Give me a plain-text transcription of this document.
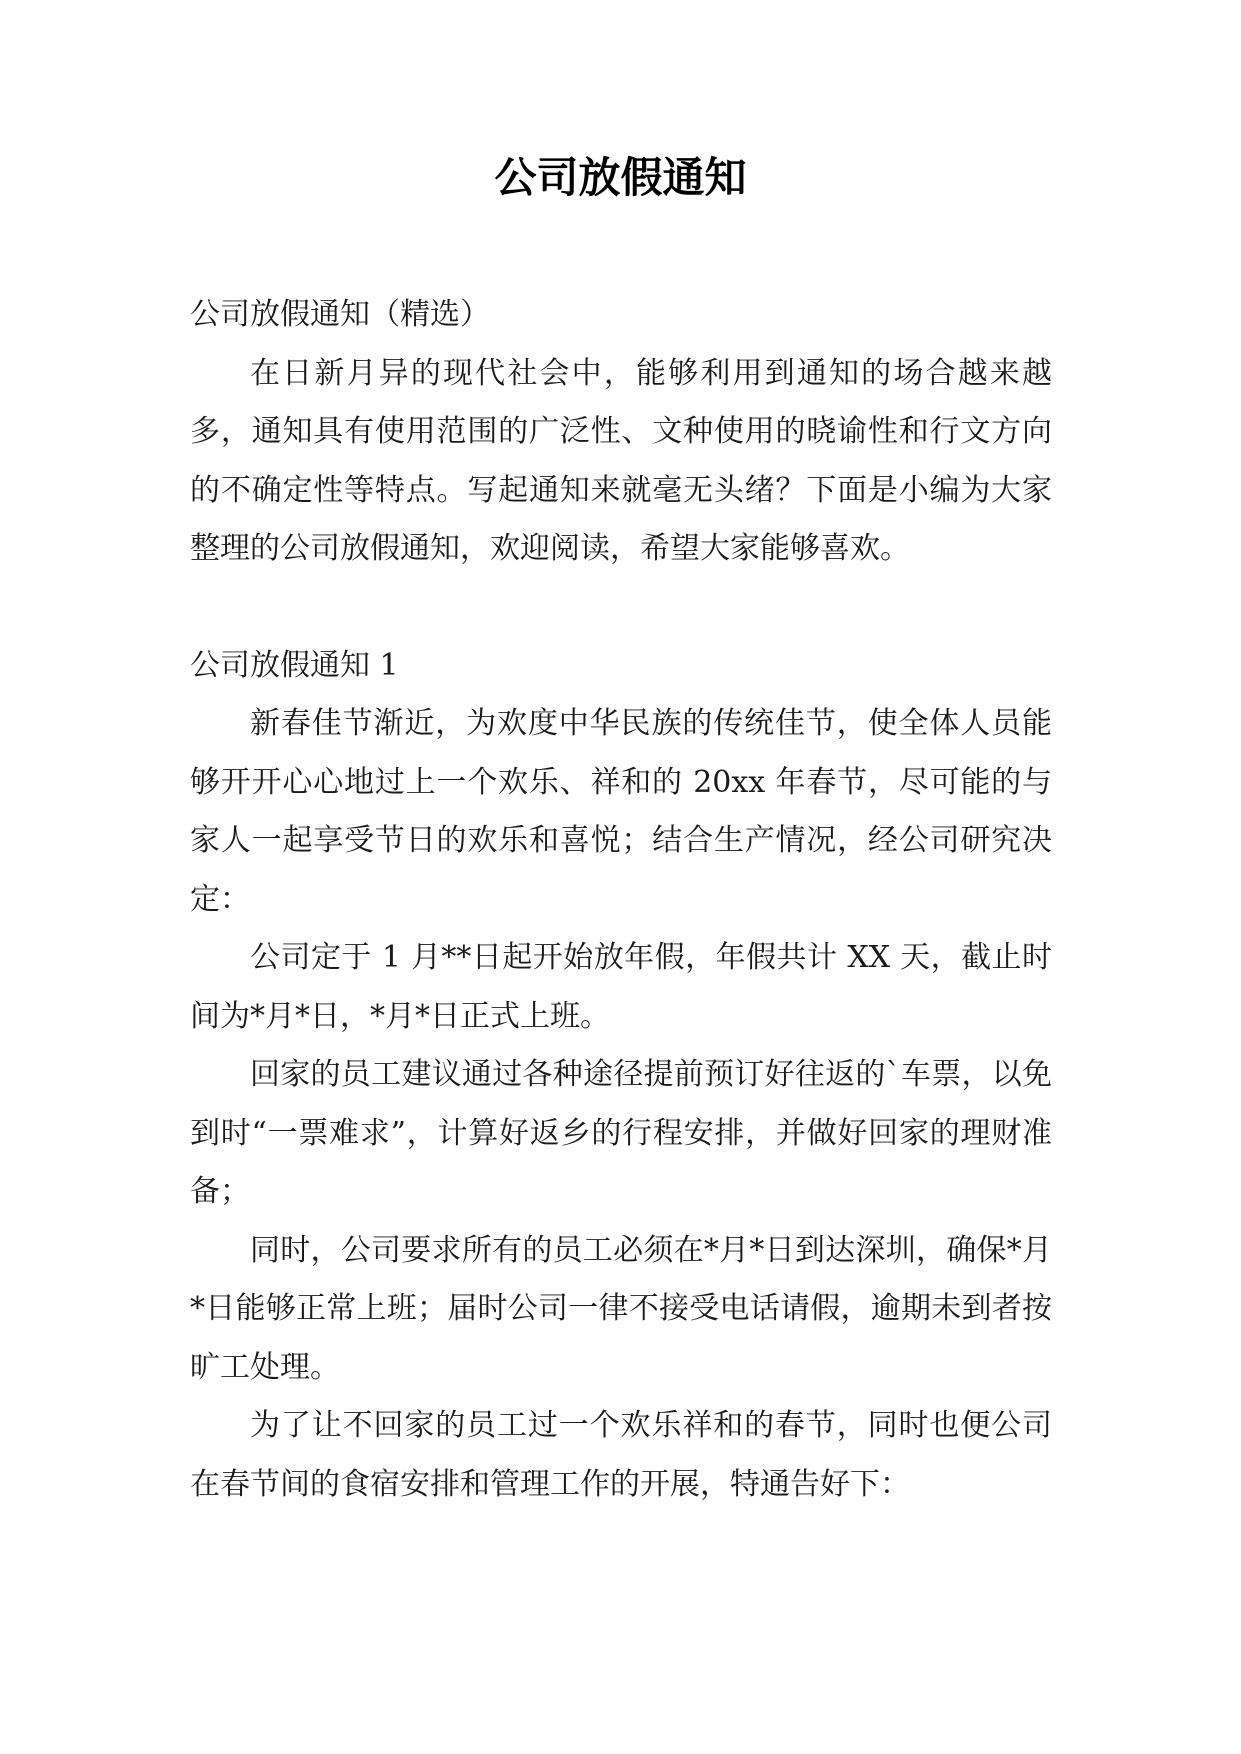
公司放假通知

公司放假通知（精选）

在日新月异的现代社会中，能够利用到通知的场合越来越多，通知具有使用范围的广泛性、文种使用的晓谕性和行文方向的不确定性等特点。写起通知来就毫无头绪？下面是小编为大家整理的公司放假通知，欢迎阅读，希望大家能够喜欢。

公司放假通知 1

新春佳节渐近，为欢度中华民族的传统佳节，使全体人员能够开开心心地过上一个欢乐、祥和的 20xx 年春节，尽可能的与家人一起享受节日的欢乐和喜悦；结合生产情况，经公司研究决定：

公司定于 1 月**日起开始放年假，年假共计 XX 天，截止时间为*月*日，*月*日正式上班。

回家的员工建议通过各种途径提前预订好往返的`车票，以免到时“一票难求”，计算好返乡的行程安排，并做好回家的理财准备；

同时，公司要求所有的员工必须在*月*日到达深圳，确保*月*日能够正常上班；届时公司一律不接受电话请假，逾期未到者按旷工处理。

为了让不回家的员工过一个欢乐祥和的春节，同时也便公司在春节间的食宿安排和管理工作的开展，特通告好下：
